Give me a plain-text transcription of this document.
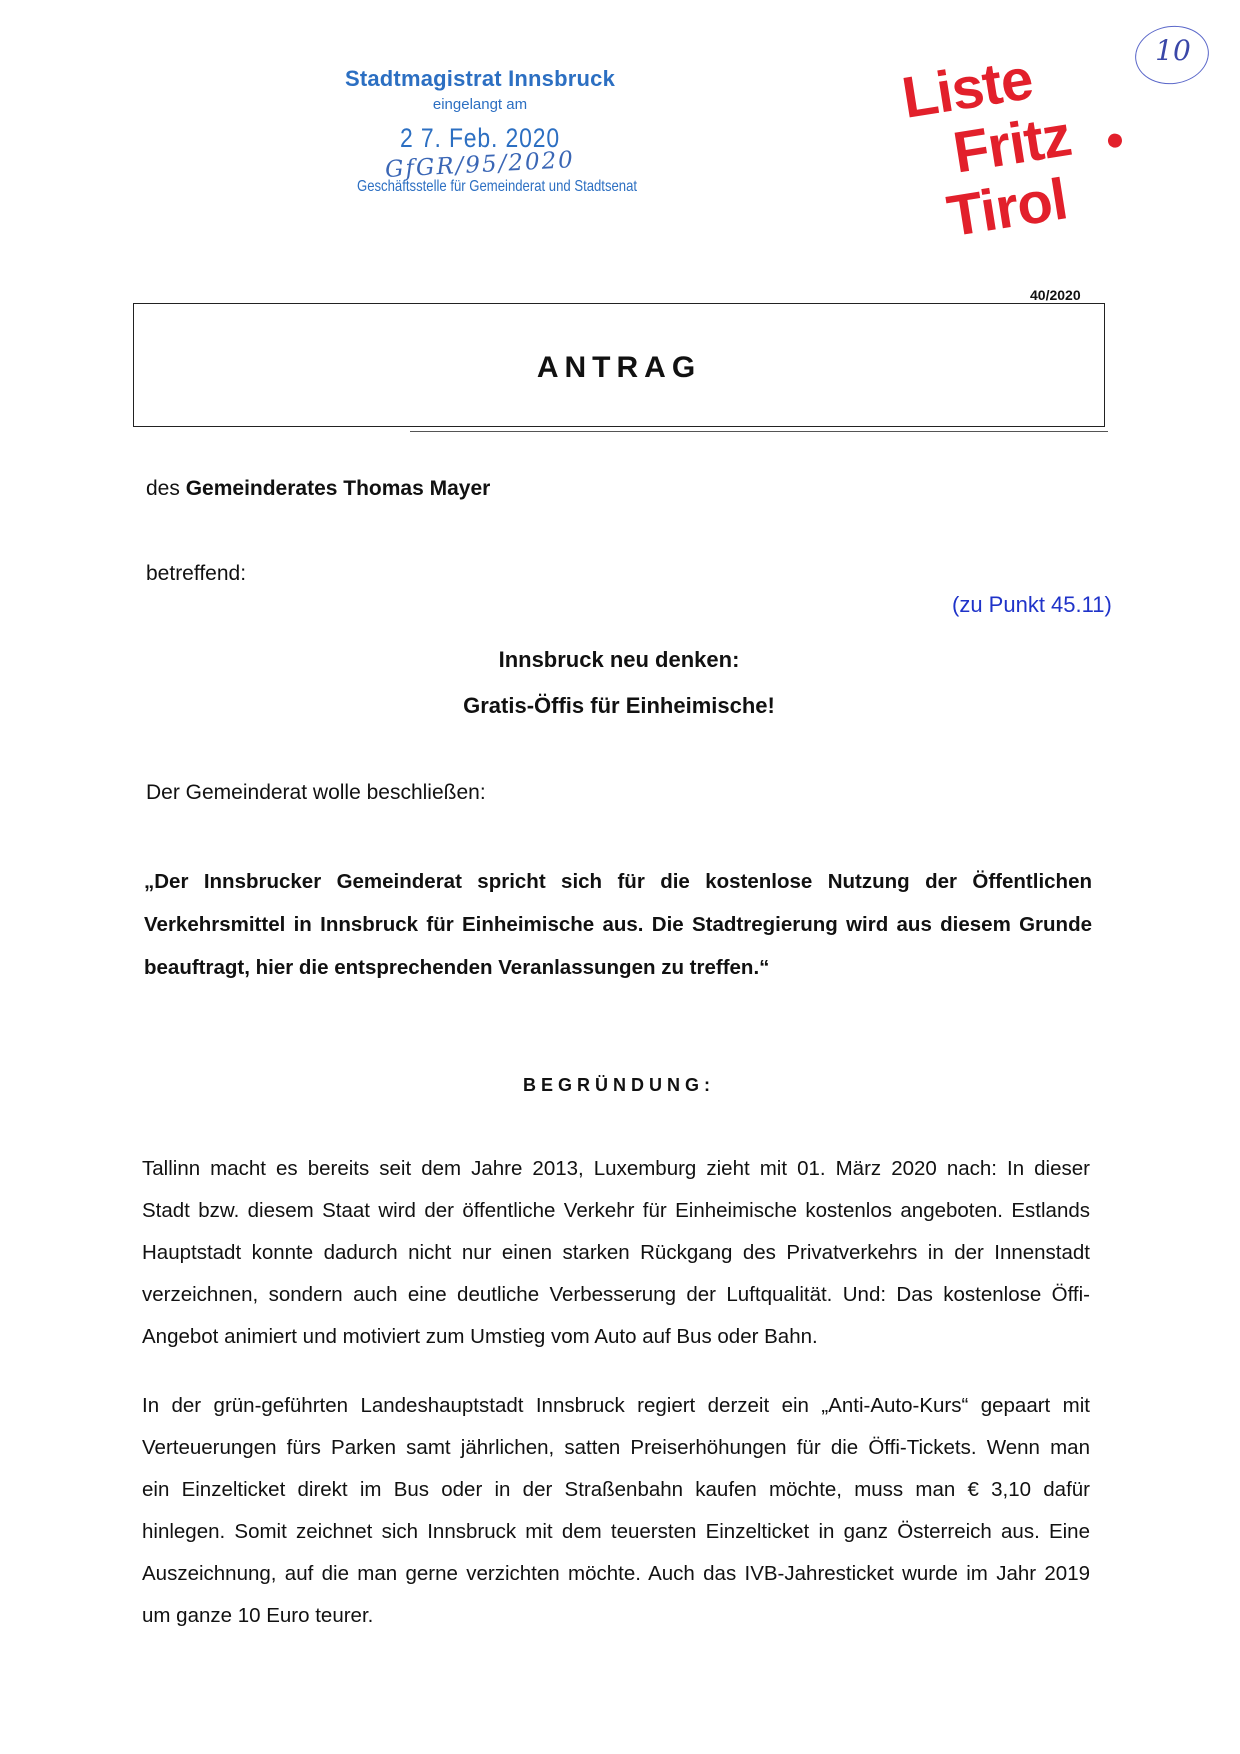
Stadtmagistrat Innsbruck
eingelangt am
2 7. Feb. 2020
GfGR/95/2020
Geschäftsstelle für Gemeinderat und Stadtsenat
Liste
Fritz
Tirol
10
40/2020
ANTRAG
des Gemeinderates Thomas Mayer
betreffend:
(zu Punkt 45.11)
Innsbruck neu denken:
Gratis-Öffis für Einheimische!
Der Gemeinderat wolle beschließen:
„Der Innsbrucker Gemeinderat spricht sich für die kostenlose Nutzung der Öffentlichen
Verkehrsmittel in Innsbruck für Einheimische aus. Die Stadtregierung wird aus diesem Grunde
beauftragt, hier die entsprechenden Veranlassungen zu treffen.“
BEGRÜNDUNG:
Tallinn macht es bereits seit dem Jahre 2013, Luxemburg zieht mit 01. März 2020 nach: In dieser
Stadt bzw. diesem Staat wird der öffentliche Verkehr für Einheimische kostenlos angeboten. Estlands
Hauptstadt konnte dadurch nicht nur einen starken Rückgang des Privatverkehrs in der Innenstadt
verzeichnen, sondern auch eine deutliche Verbesserung der Luftqualität. Und: Das kostenlose Öffi-
Angebot animiert und motiviert zum Umstieg vom Auto auf Bus oder Bahn.
In der grün-geführten Landeshauptstadt Innsbruck regiert derzeit ein „Anti-Auto-Kurs“ gepaart mit
Verteuerungen fürs Parken samt jährlichen, satten Preiserhöhungen für die Öffi-Tickets. Wenn man
ein Einzelticket direkt im Bus oder in der Straßenbahn kaufen möchte, muss man € 3,10 dafür
hinlegen. Somit zeichnet sich Innsbruck mit dem teuersten Einzelticket in ganz Österreich aus. Eine
Auszeichnung, auf die man gerne verzichten möchte. Auch das IVB-Jahresticket wurde im Jahr 2019
um ganze 10 Euro teurer.
